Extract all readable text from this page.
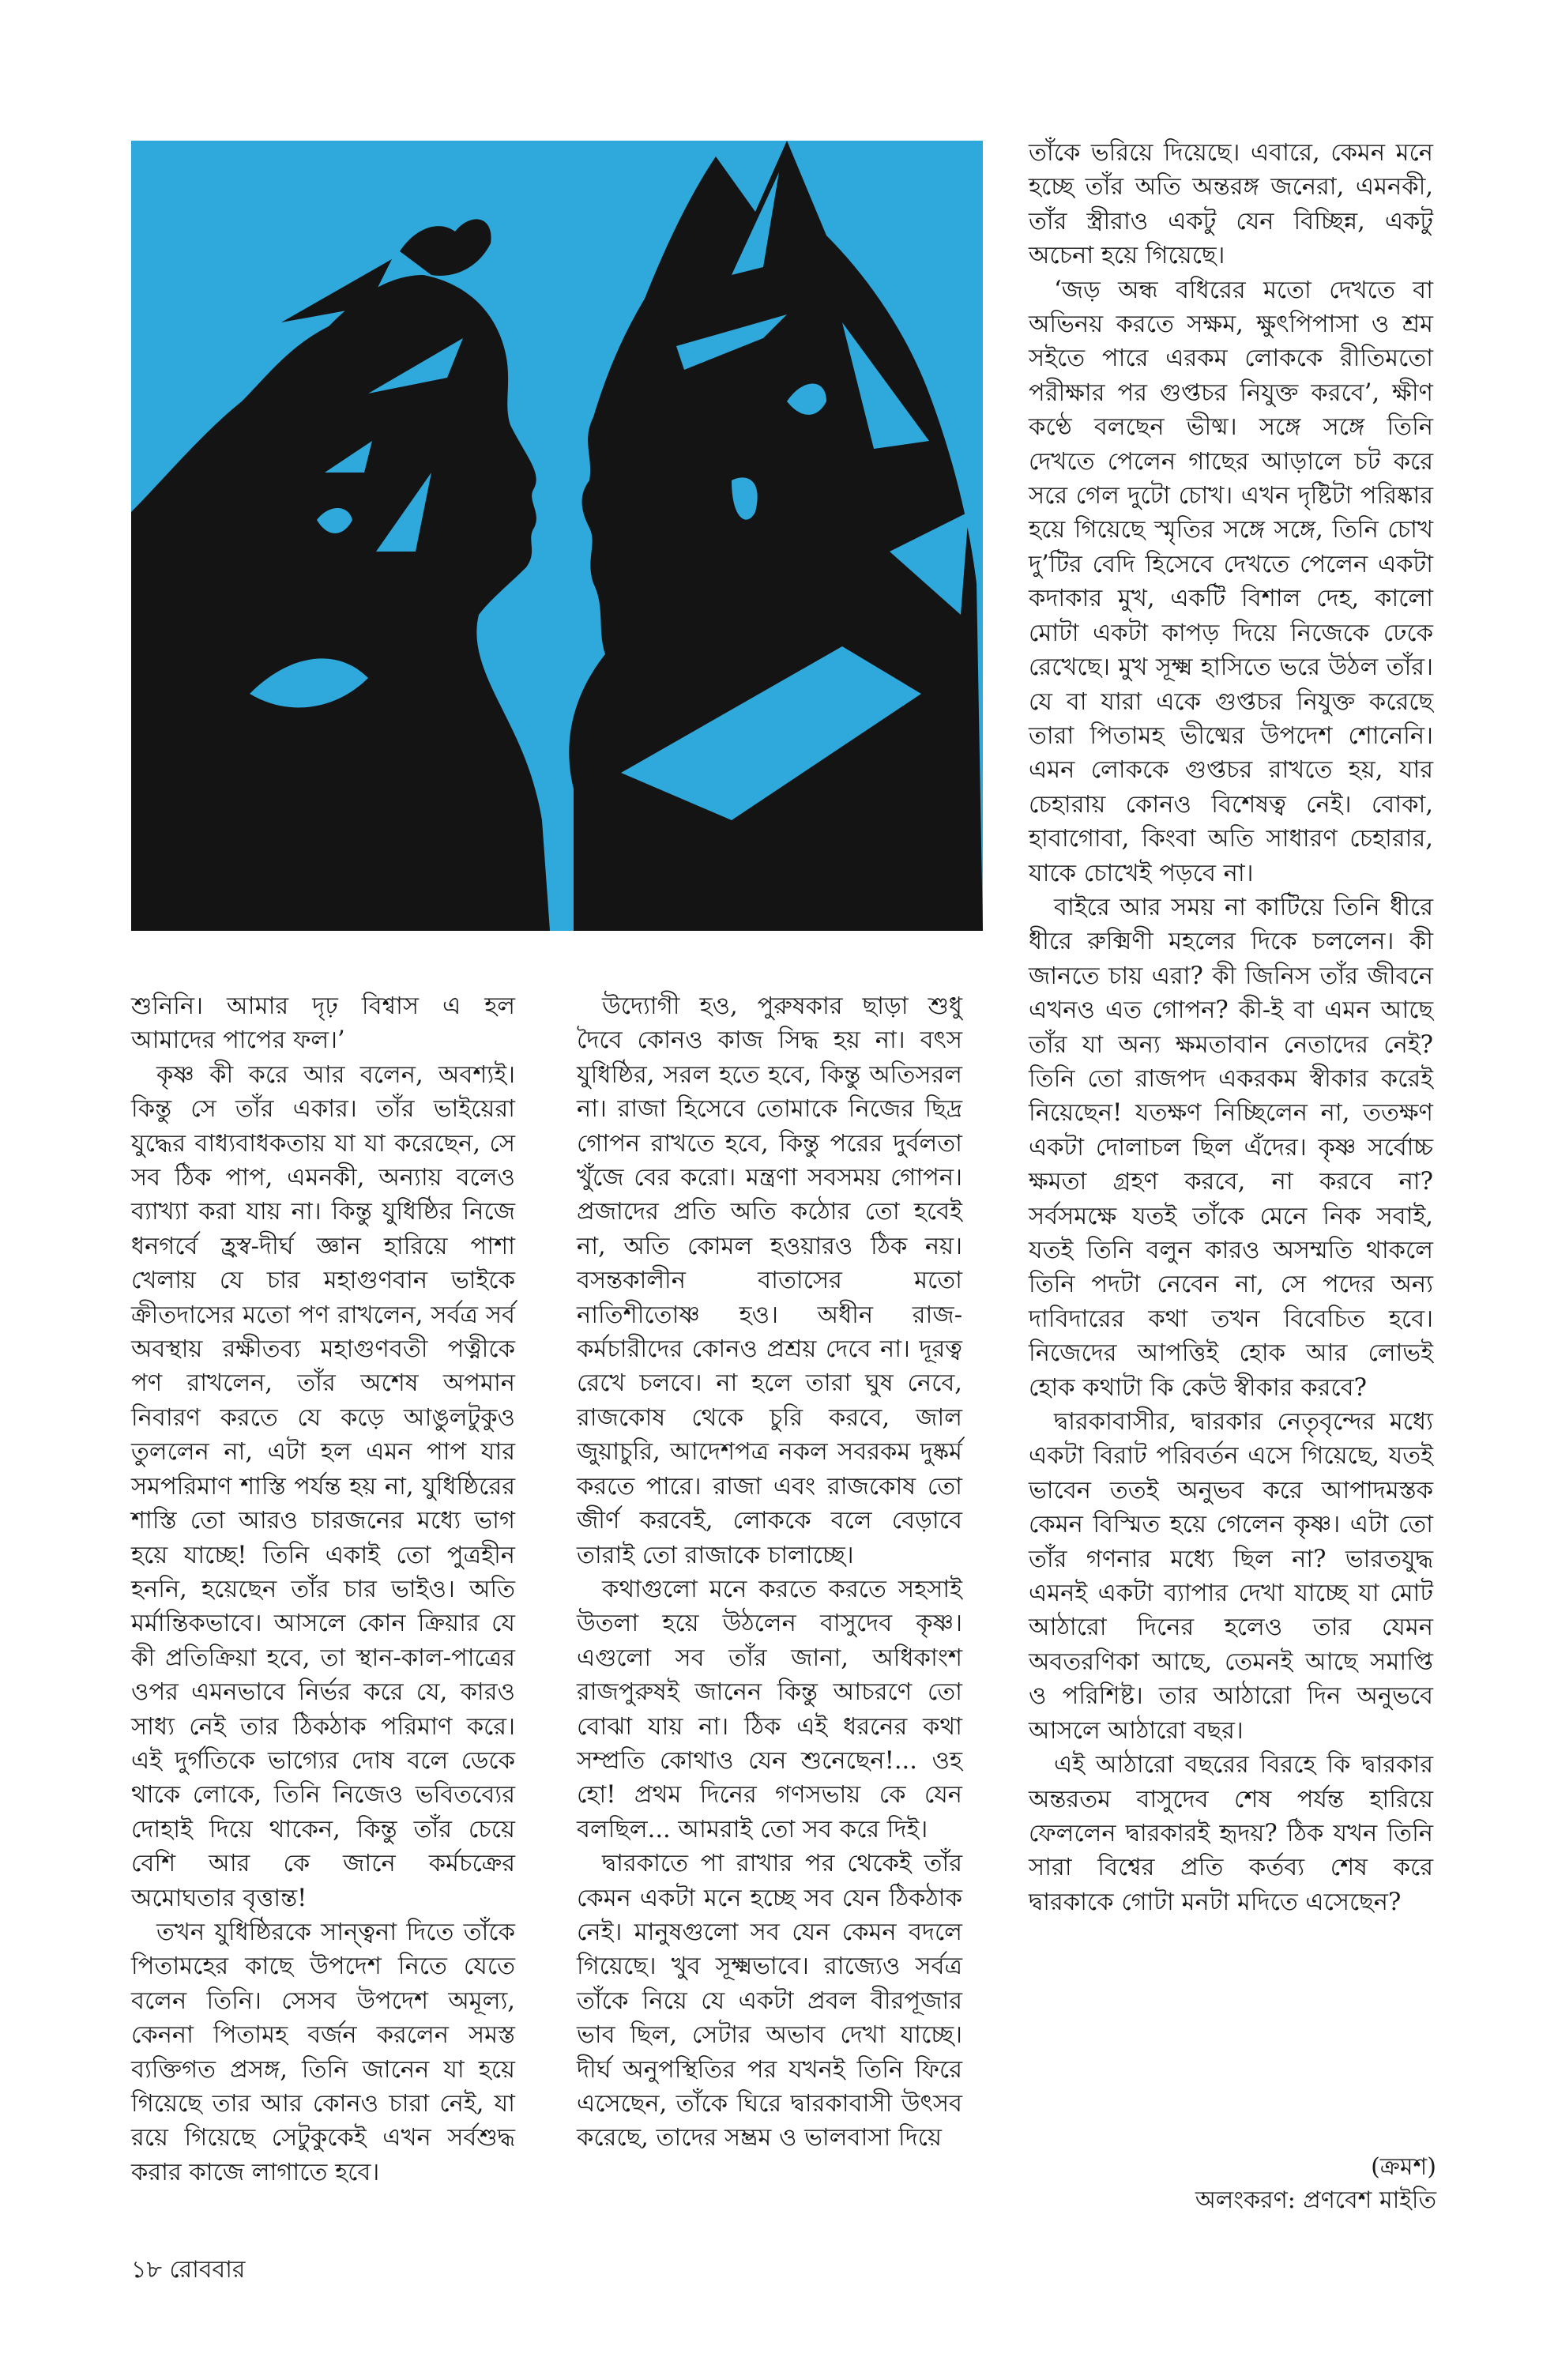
শুনিনি। আমার দৃঢ় বিশ্বাস এ হল আমাদের পাপের ফল।’

কৃষ্ণ কী করে আর বলেন, অবশ্যই। কিন্তু সে তাঁর একার। তাঁর ভাইয়েরা যুদ্ধের বাধ্যবাধকতায় যা যা করেছেন, সে সব ঠিক পাপ, এমনকী, অন্যায় বলেও ব্যাখ্যা করা যায় না। কিন্তু যুধিষ্ঠির নিজে ধনগর্বে হ্রস্ব-দীর্ঘ জ্ঞান হারিয়ে পাশা খেলায় যে চার মহাগুণবান ভাইকে ক্রীতদাসের মতো পণ রাখলেন, সর্বত্র সর্ব অবস্থায় রক্ষীতব্য মহাগুণবতী পত্নীকে পণ রাখলেন, তাঁর অশেষ অপমান নিবারণ করতে যে কড়ে আঙুলটুকুও তুললেন না, এটা হল এমন পাপ যার সমপরিমাণ শাস্তি পর্যন্ত হয় না, যুধিষ্ঠিরের শাস্তি তো আরও চারজনের মধ্যে ভাগ হয়ে যাচ্ছে! তিনি একাই তো পুত্রহীন হননি, হয়েছেন তাঁর চার ভাইও। অতি মর্মান্তিকভাবে। আসলে কোন ক্রিয়ার যে কী প্রতিক্রিয়া হবে, তা স্থান-কাল-পাত্রের ওপর এমনভাবে নির্ভর করে যে, কারও সাধ্য নেই তার ঠিকঠাক পরিমাণ করে। এই দুর্গতিকে ভাগ্যের দোষ বলে ডেকে থাকে লোকে, তিনি নিজেও ভবিতব্যের দোহাই দিয়ে থাকেন, কিন্তু তাঁর চেয়ে বেশি আর কে জানে কর্মচক্রের অমোঘতার বৃত্তান্ত!

তখন যুধিষ্ঠিরকে সান্ত্বনা দিতে তাঁকে পিতামহের কাছে উপদেশ নিতে যেতে বলেন তিনি। সেসব উপদেশ অমূল্য, কেননা পিতামহ বর্জন করলেন সমস্ত ব্যক্তিগত প্রসঙ্গ, তিনি জানেন যা হয়ে গিয়েছে তার আর কোনও চারা নেই, যা রয়ে গিয়েছে সেটুকুকেই এখন সর্বশুদ্ধ করার কাজে লাগাতে হবে।

উদ্যোগী হও, পুরুষকার ছাড়া শুধু দৈবে কোনও কাজ সিদ্ধ হয় না। বৎস যুধিষ্ঠির, সরল হতে হবে, কিন্তু অতিসরল না। রাজা হিসেবে তোমাকে নিজের ছিদ্র গোপন রাখতে হবে, কিন্তু পরের দুর্বলতা খুঁজে বের করো। মন্ত্রণা সবসময় গোপন। প্রজাদের প্রতি অতি কঠোর তো হবেই না, অতি কোমল হওয়ারও ঠিক নয়। বসন্তকালীন বাতাসের মতো নাতিশীতোষ্ণ হও। অধীন রাজ-কর্মচারীদের কোনও প্রশ্রয় দেবে না। দূরত্ব রেখে চলবে। না হলে তারা ঘুষ নেবে, রাজকোষ থেকে চুরি করবে, জাল জুয়াচুরি, আদেশপত্র নকল সবরকম দুষ্কর্ম করতে পারে। রাজা এবং রাজকোষ তো জীর্ণ করবেই, লোককে বলে বেড়াবে তারাই তো রাজাকে চালাচ্ছে।

কথাগুলো মনে করতে করতে সহসাই উতলা হয়ে উঠলেন বাসুদেব কৃষ্ণ। এগুলো সব তাঁর জানা, অধিকাংশ রাজপুরুষই জানেন কিন্তু আচরণে তো বোঝা যায় না। ঠিক এই ধরনের কথা সম্প্রতি কোথাও যেন শুনেছেন!... ওহ হো! প্রথম দিনের গণসভায় কে যেন বলছিল... আমরাই তো সব করে দিই।

দ্বারকাতে পা রাখার পর থেকেই তাঁর কেমন একটা মনে হচ্ছে সব যেন ঠিকঠাক নেই। মানুষগুলো সব যেন কেমন বদলে গিয়েছে। খুব সূক্ষ্মভাবে। রাজ্যেও সর্বত্র তাঁকে নিয়ে যে একটা প্রবল বীরপূজার ভাব ছিল, সেটার অভাব দেখা যাচ্ছে। দীর্ঘ অনুপস্থিতির পর যখনই তিনি ফিরে এসেছেন, তাঁকে ঘিরে দ্বারকাবাসী উৎসব করেছে, তাদের সম্ভ্রম ও ভালবাসা দিয়ে

তাঁকে ভরিয়ে দিয়েছে। এবারে, কেমন মনে হচ্ছে তাঁর অতি অন্তরঙ্গ জনেরা, এমনকী, তাঁর স্ত্রীরাও একটু যেন বিচ্ছিন্ন, একটু অচেনা হয়ে গিয়েছে।

‘জড় অন্ধ বধিরের মতো দেখতে বা অভিনয় করতে সক্ষম, ক্ষুৎপিপাসা ও শ্রম সইতে পারে এরকম লোককে রীতিমতো পরীক্ষার পর গুপ্তচর নিযুক্ত করবে’, ক্ষীণ কণ্ঠে বলছেন ভীষ্ম। সঙ্গে সঙ্গে তিনি দেখতে পেলেন গাছের আড়ালে চট করে সরে গেল দুটো চোখ। এখন দৃষ্টিটা পরিষ্কার হয়ে গিয়েছে স্মৃতির সঙ্গে সঙ্গে, তিনি চোখ দু’টির বেদি হিসেবে দেখতে পেলেন একটা কদাকার মুখ, একটি বিশাল দেহ, কালো মোটা একটা কাপড় দিয়ে নিজেকে ঢেকে রেখেছে। মুখ সূক্ষ্ম হাসিতে ভরে উঠল তাঁর। যে বা যারা একে গুপ্তচর নিযুক্ত করেছে তারা পিতামহ ভীষ্মের উপদেশ শোনেনি। এমন লোককে গুপ্তচর রাখতে হয়, যার চেহারায় কোনও বিশেষত্ব নেই। বোকা, হাবাগোবা, কিংবা অতি সাধারণ চেহারার, যাকে চোখেই পড়বে না।

বাইরে আর সময় না কাটিয়ে তিনি ধীরে ধীরে রুক্মিণী মহলের দিকে চললেন। কী জানতে চায় এরা? কী জিনিস তাঁর জীবনে এখনও এত গোপন? কী-ই বা এমন আছে তাঁর যা অন্য ক্ষমতাবান নেতাদের নেই? তিনি তো রাজপদ একরকম স্বীকার করেই নিয়েছেন! যতক্ষণ নিচ্ছিলেন না, ততক্ষণ একটা দোলাচল ছিল এঁদের। কৃষ্ণ সর্বোচ্চ ক্ষমতা গ্রহণ করবে, না করবে না? সর্বসমক্ষে যতই তাঁকে মেনে নিক সবাই, যতই তিনি বলুন কারও অসম্মতি থাকলে তিনি পদটা নেবেন না, সে পদের অন্য দাবিদারের কথা তখন বিবেচিত হবে। নিজেদের আপত্তিই হোক আর লোভই হোক কথাটা কি কেউ স্বীকার করবে?

দ্বারকাবাসীর, দ্বারকার নেতৃবৃন্দের মধ্যে একটা বিরাট পরিবর্তন এসে গিয়েছে, যতই ভাবেন ততই অনুভব করে আপাদমস্তক কেমন বিস্মিত হয়ে গেলেন কৃষ্ণ। এটা তো তাঁর গণনার মধ্যে ছিল না? ভারতযুদ্ধ এমনই একটা ব্যাপার দেখা যাচ্ছে যা মোট আঠারো দিনের হলেও তার যেমন অবতরণিকা আছে, তেমনই আছে সমাপ্তি ও পরিশিষ্ট। তার আঠারো দিন অনুভবে আসলে আঠারো বছর।

এই আঠারো বছরের বিরহে কি দ্বারকার অন্তরতম বাসুদেব শেষ পর্যন্ত হারিয়ে ফেললেন দ্বারকারই হৃদয়? ঠিক যখন তিনি সারা বিশ্বের প্রতি কর্তব্য শেষ করে দ্বারকাকে গোটা মনটা মদিতে এসেছেন?

(ক্রমশ)
অলংকরণ: প্রণবেশ মাইতি
১৮ রোববার
